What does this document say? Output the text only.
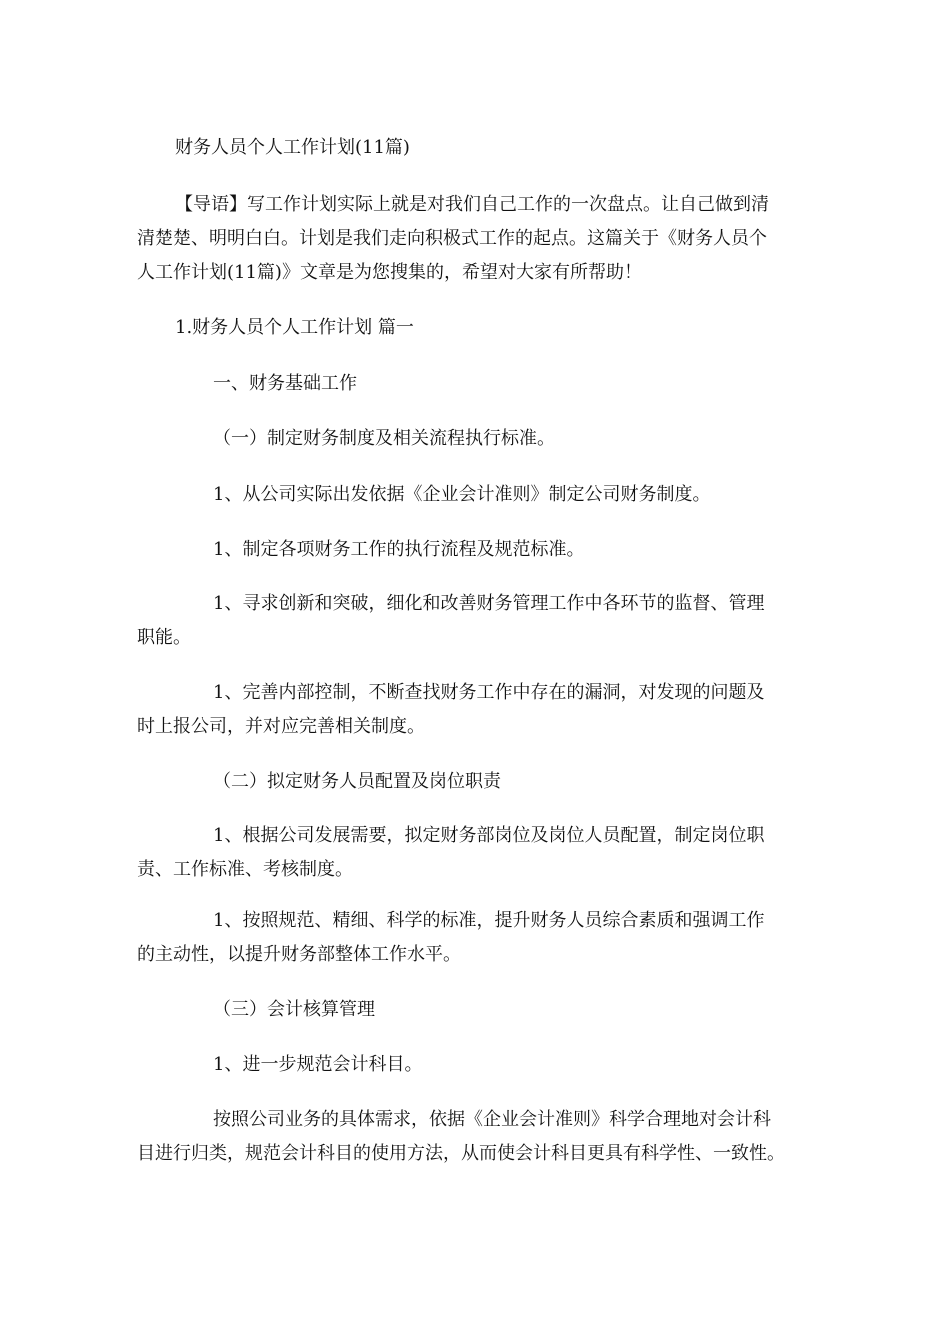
财务人员个人工作计划(11篇)

【导语】写工作计划实际上就是对我们自己工作的一次盘点。让自己做到清

清楚楚、明明白白。计划是我们走向积极式工作的起点。这篇关于《财务人员个

人工作计划(11篇)》文章是为您搜集的，希望对大家有所帮助！

1.财务人员个人工作计划 篇一

一、财务基础工作

（一）制定财务制度及相关流程执行标准。

1、从公司实际出发依据《企业会计准则》制定公司财务制度。

1、制定各项财务工作的执行流程及规范标准。

1、寻求创新和突破，细化和改善财务管理工作中各环节的监督、管理

职能。

1、完善内部控制，不断查找财务工作中存在的漏洞，对发现的问题及

时上报公司，并对应完善相关制度。

（二）拟定财务人员配置及岗位职责

1、根据公司发展需要，拟定财务部岗位及岗位人员配置，制定岗位职

责、工作标准、考核制度。

1、按照规范、精细、科学的标准，提升财务人员综合素质和强调工作

的主动性，以提升财务部整体工作水平。

（三）会计核算管理

1、进一步规范会计科目。

按照公司业务的具体需求，依据《企业会计准则》科学合理地对会计科

目进行归类，规范会计科目的使用方法，从而使会计科目更具有科学性、一致性。
